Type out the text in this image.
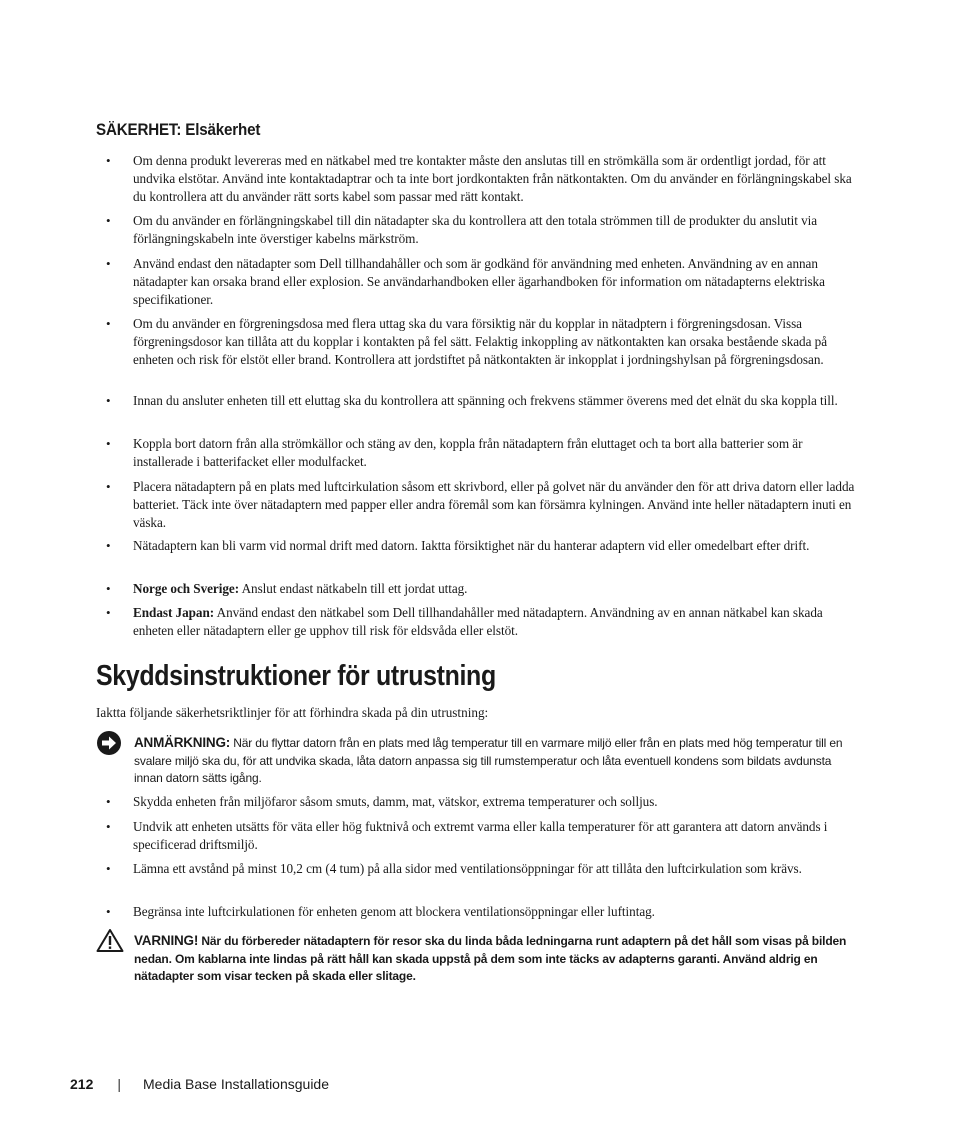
SÄKERHET: Elsäkerhet
• Om denna produkt levereras med en nätkabel med tre kontakter måste den anslutas till en strömkälla som är ordentligt jordad, för att undvika elstötar. Använd inte kontaktadaptrar och ta inte bort jordkontakten från nätkontakten. Om du använder en förlängningskabel ska du kontrollera att du använder rätt sorts kabel som passar med rätt kontakt.
• Om du använder en förlängningskabel till din nätadapter ska du kontrollera att den totala strömmen till de produkter du anslutit via förlängningskabeln inte överstiger kabelns märkström.
• Använd endast den nätadapter som Dell tillhandahåller och som är godkänd för användning med enheten. Användning av en annan nätadapter kan orsaka brand eller explosion. Se användarhandboken eller ägarhandboken för information om nätadapterns elektriska specifikationer.
• Om du använder en förgreningsdosa med flera uttag ska du vara försiktig när du kopplar in nätadptern i förgreningsdosan. Vissa förgreningsdosor kan tillåta att du kopplar i kontakten på fel sätt. Felaktig inkoppling av nätkontakten kan orsaka bestående skada på enheten och risk för elstöt eller brand. Kontrollera att jordstiftet på nätkontakten är inkopplat i jordningshylsan på förgreningsdosan.
• Innan du ansluter enheten till ett eluttag ska du kontrollera att spänning och frekvens stämmer överens med det elnät du ska koppla till.
• Koppla bort datorn från alla strömkällor och stäng av den, koppla från nätadaptern från eluttaget och ta bort alla batterier som är installerade i batterifacket eller modulfacket.
• Placera nätadaptern på en plats med luftcirkulation såsom ett skrivbord, eller på golvet när du använder den för att driva datorn eller ladda batteriet. Täck inte över nätadaptern med papper eller andra föremål som kan försämra kylningen. Använd inte heller nätadaptern inuti en väska.
• Nätadaptern kan bli varm vid normal drift med datorn. Iaktta försiktighet när du hanterar adaptern vid eller omedelbart efter drift.
• Norge och Sverige: Anslut endast nätkabeln till ett jordat uttag.
• Endast Japan: Använd endast den nätkabel som Dell tillhandahåller med nätadaptern. Användning av en annan nätkabel kan skada enheten eller nätadaptern eller ge upphov till risk för eldsvåda eller elstöt.
Skyddsinstruktioner för utrustning
Iaktta följande säkerhetsriktlinjer för att förhindra skada på din utrustning:
ANMÄRKNING: När du flyttar datorn från en plats med låg temperatur till en varmare miljö eller från en plats med hög temperatur till en svalare miljö ska du, för att undvika skada, låta datorn anpassa sig till rumstemperatur och låta eventuell kondens som bildats avdunsta innan datorn sätts igång.
• Skydda enheten från miljöfaror såsom smuts, damm, mat, vätskor, extrema temperaturer och solljus.
• Undvik att enheten utsätts för väta eller hög fuktnivå och extremt varma eller kalla temperaturer för att garantera att datorn används i specificerad driftsmiljö.
• Lämna ett avstånd på minst 10,2 cm (4 tum) på alla sidor med ventilationsöppningar för att tillåta den luftcirkulation som krävs.
• Begränsa inte luftcirkulationen för enheten genom att blockera ventilationsöppningar eller luftintag.
VARNING! När du förbereder nätadaptern för resor ska du linda båda ledningarna runt adaptern på det håll som visas på bilden nedan. Om kablarna inte lindas på rätt håll kan skada uppstå på dem som inte täcks av adapterns garanti. Använd aldrig en nätadapter som visar tecken på skada eller slitage.
212 | Media Base Installationsguide
